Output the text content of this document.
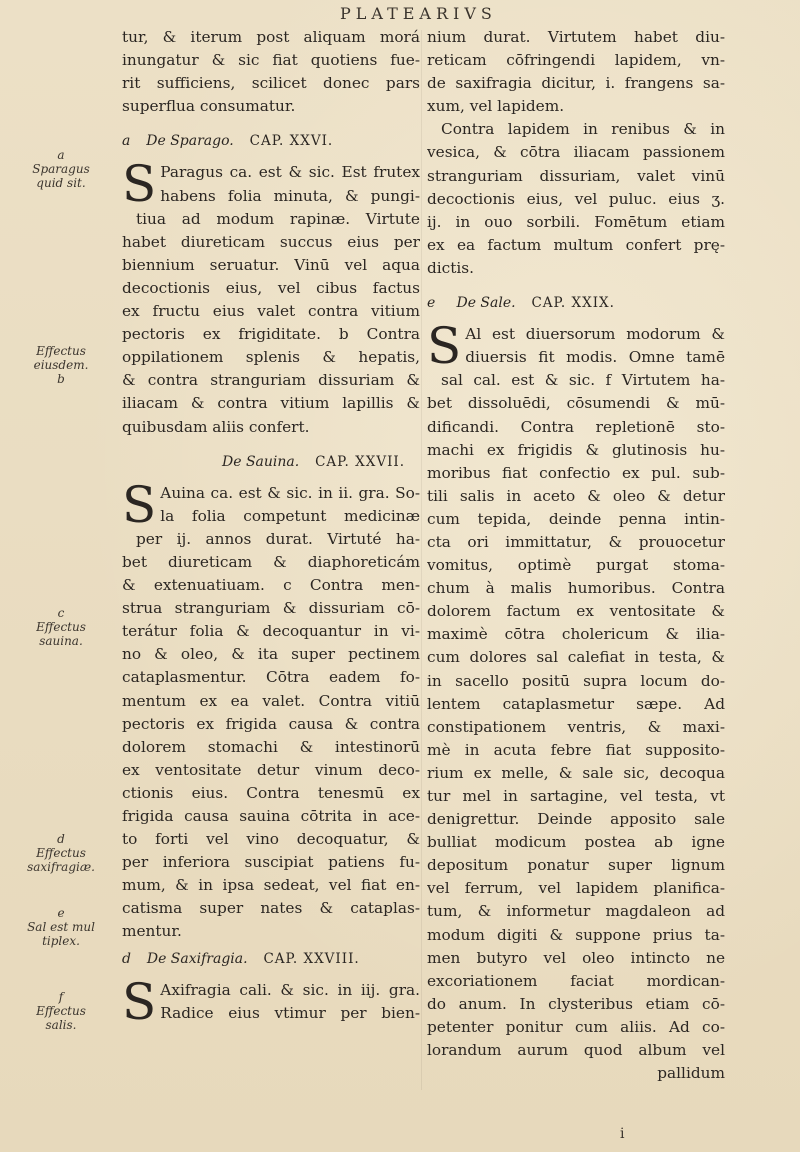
PLATEARIVS
a
Sparagus
quid sit.
Effectus
eiusdem.
b
c
Effectus
sauina.
d
Effectus
saxifragiæ.
e
Sal est mul
tiplex.
f
Effectus
salis.

tur, & iterum post aliquam morá
inungatur & sic fiat quotiens fue-
rit sufficiens, scilicet donec pars
superflua consumatur.

a De Sparago. CAP. XXVI.

S Paragus ca. est & sic. Est frutex
habens folia minuta, & pungi-
tiua ad modum rapinæ. Virtute
habet diureticam succus eius per
biennium seruatur. Vinū vel aqua
decoctionis eius, vel cibus factus
ex fructu eius valet contra vitium
pectoris ex frigiditate. b Contra
oppilationem splenis & hepatis,
& contra stranguriam dissuriam &
iliacam & contra vitium lapillis &
quibusdam aliis confert.

De Sauina. CAP. XXVII.

S Auina ca. est & sic. in ii. gra. So-
la folia competunt medicinæ
per ij. annos durat. Virtuté ha-
bet diureticam & diaphoreticám
& extenuatiuam. c Contra men-
strua stranguriam & dissuriam cō-
terátur folia & decoquantur in vi-
no & oleo, & ita super pectinem
cataplasmentur. Cōtra eadem fo-
mentum ex ea valet. Contra vitiū
pectoris ex frigida causa & contra
dolorem stomachi & intestinorū
ex ventositate detur vinum deco-
ctionis eius. Contra tenesmū ex
frigida causa sauina cōtrita in ace-
to forti vel vino decoquatur, &
per inferiora suscipiat patiens fu-
mum, & in ipsa sedeat, vel fiat en-
catisma super nates & cataplas-
mentur.

d De Saxifragia. CAP. XXVIII.

S Axifragia cali. & sic. in iij. gra.
Radice eius vtimur per bien-

nium durat. Virtutem habet diu-
reticam cōfringendi lapidem, vn-
de saxifragia dicitur, i. frangens sa-
xum, vel lapidem.
Contra lapidem in renibus & in
vesica, & cōtra iliacam passionem
stranguriam dissuriam, valet vinū
decoctionis eius, vel puluc. eius ʒ.
ij. in ouo sorbili. Fomētum etiam
ex ea factum multum confert prę-
dictis.

e De Sale. CAP. XXIX.

S Al est diuersorum modorum &
diuersis fit modis. Omne tamē
sal cal. est & sic. f Virtutem ha-
bet dissoluēdi, cōsumendi & mū-
dificandi. Contra repletionē sto-
machi ex frigidis & glutinosis hu-
moribus fiat confectio ex pul. sub-
tili salis in aceto & oleo & detur
cum tepida, deinde penna intin-
cta ori immittatur, & prouocetur
vomitus, optimè purgat stoma-
chum à malis humoribus. Contra
dolorem factum ex ventositate &
maximè cōtra cholericum & ilia-
cum dolores sal calefiat in testa, &
in sacello positū supra locum do-
lentem cataplasmetur sæpe. Ad
constipationem ventris, & maxi-
mè in acuta febre fiat supposito-
rium ex melle, & sale sic, decoqua
tur mel in sartagine, vel testa, vt
denigrettur. Deinde apposito sale
bulliat modicum postea ab igne
depositum ponatur super lignum
vel ferrum, vel lapidem planifica-
tum, & informetur magdaleon ad
modum digiti & suppone prius ta-
men butyro vel oleo intincto ne
excoriationem faciat mordican-
do anum. In clysteribus etiam cō-
petenter ponitur cum aliis. Ad co-
lorandum aurum quod album vel
pallidum

i
